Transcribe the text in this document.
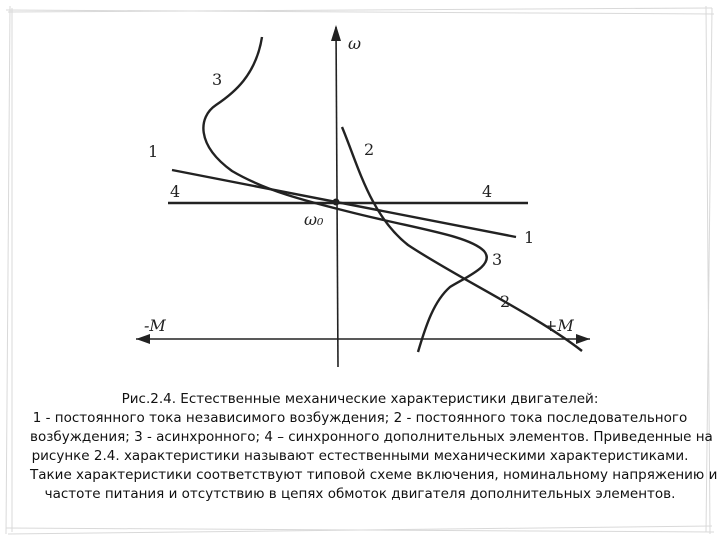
ω
ω₀
-M	+M
1
1
2
2
3
3
4	4
Рис.2.4. Естественные механические характеристики двигателей:
1 - постоянного тока независимого возбуждения; 2 - постоянного тока последовательного
возбуждения; 3 - асинхронного; 4 – синхронного дополнительных элементов. Приведенные на
рисунке 2.4. характеристики называют естественными механическими характеристиками.
Такие характеристики соответствуют типовой схеме включения, номинальному напряжению и
частоте питания и отсутствию в цепях обмоток двигателя дополнительных элементов.
